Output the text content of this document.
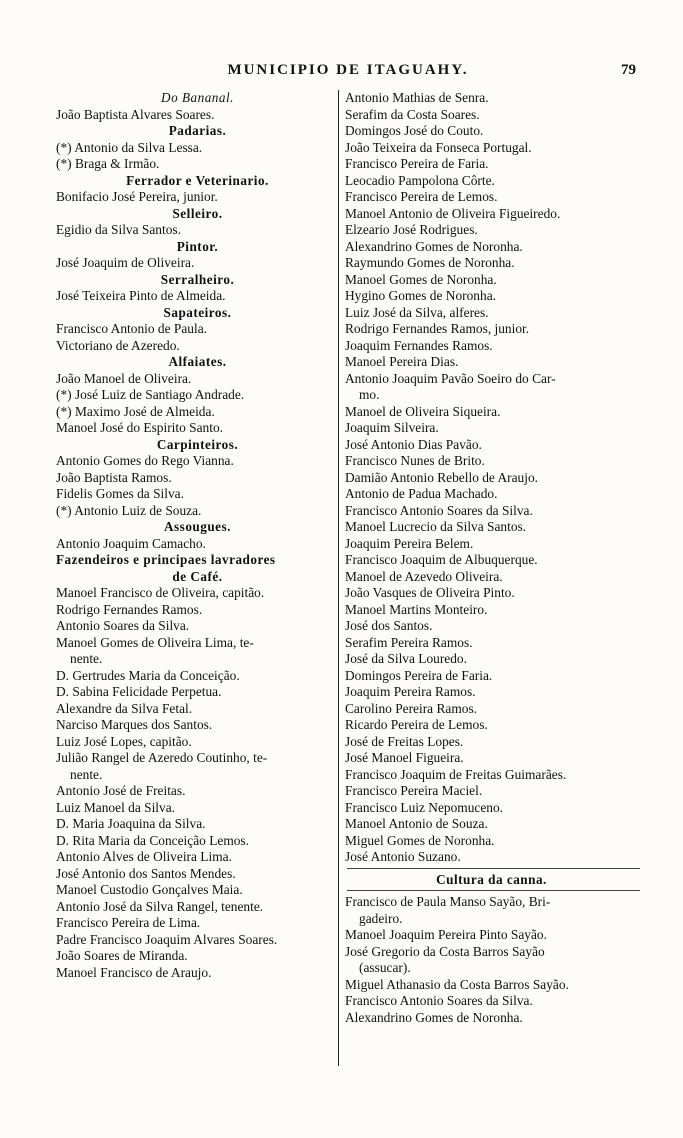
MUNICIPIO DE ITAGUAHY.	79
Do Bananal.
João Baptista Alvares Soares.
Padarias.
(*) Antonio da Silva Lessa.
(*) Braga & Irmão.
Ferrador e Veterinario.
Bonifacio José Pereira, junior.
Selleiro.
Egidio da Silva Santos.
Pintor.
José Joaquim de Oliveira.
Serralheiro.
José Teixeira Pinto de Almeida.
Sapateiros.
Francisco Antonio de Paula.
Victoriano de Azeredo.
Alfaiates.
João Manoel de Oliveira.
(*) José Luiz de Santiago Andrade.
(*) Maximo José de Almeida.
Manoel José do Espirito Santo.
Carpinteiros.
Antonio Gomes do Rego Vianna.
João Baptista Ramos.
Fidelis Gomes da Silva.
(*) Antonio Luiz de Souza.
Assougues.
Antonio Joaquim Camacho.
Fazendeiros e principaes lavradores
de Café.
Manoel Francisco de Oliveira, capitão.
Rodrigo Fernandes Ramos.
Antonio Soares da Silva.
Manoel Gomes de Oliveira Lima, te-
nente.
D. Gertrudes Maria da Conceição.
D. Sabina Felicidade Perpetua.
Alexandre da Silva Fetal.
Narciso Marques dos Santos.
Luiz José Lopes, capitão.
Julião Rangel de Azeredo Coutinho, te-
nente.
Antonio José de Freitas.
Luiz Manoel da Silva.
D. Maria Joaquina da Silva.
D. Rita Maria da Conceição Lemos.
Antonio Alves de Oliveira Lima.
José Antonio dos Santos Mendes.
Manoel Custodio Gonçalves Maia.
Antonio José da Silva Rangel, tenente.
Francisco Pereira de Lima.
Padre Francisco Joaquim Alvares Soares.
João Soares de Miranda.
Manoel Francisco de Araujo.
Antonio Mathias de Senra.
Serafim da Costa Soares.
Domingos José do Couto.
João Teixeira da Fonseca Portugal.
Francisco Pereira de Faria.
Leocadio Pampolona Côrte.
Francisco Pereira de Lemos.
Manoel Antonio de Oliveira Figueiredo.
Elzeario José Rodrigues.
Alexandrino Gomes de Noronha.
Raymundo Gomes de Noronha.
Manoel Gomes de Noronha.
Hygino Gomes de Noronha.
Luiz José da Silva, alferes.
Rodrigo Fernandes Ramos, junior.
Joaquim Fernandes Ramos.
Manoel Pereira Dias.
Antonio Joaquim Pavão Soeiro do Car-
mo.
Manoel de Oliveira Siqueira.
Joaquim Silveira.
José Antonio Dias Pavão.
Francisco Nunes de Brito.
Damião Antonio Rebello de Araujo.
Antonio de Padua Machado.
Francisco Antonio Soares da Silva.
Manoel Lucrecio da Silva Santos.
Joaquim Pereira Belem.
Francisco Joaquim de Albuquerque.
Manoel de Azevedo Oliveira.
João Vasques de Oliveira Pinto.
Manoel Martins Monteiro.
José dos Santos.
Serafim Pereira Ramos.
José da Silva Louredo.
Domingos Pereira de Faria.
Joaquim Pereira Ramos.
Carolino Pereira Ramos.
Ricardo Pereira de Lemos.
José de Freitas Lopes.
José Manoel Figueira.
Francisco Joaquim de Freitas Guimarães.
Francisco Pereira Maciel.
Francisco Luiz Nepomuceno.
Manoel Antonio de Souza.
Miguel Gomes de Noronha.
José Antonio Suzano.
Cultura da canna.
Francisco de Paula Manso Sayão, Bri-
gadeiro.
Manoel Joaquim Pereira Pinto Sayão.
José Gregorio da Costa Barros Sayão
(assucar).
Miguel Athanasio da Costa Barros Sayão.
Francisco Antonio Soares da Silva.
Alexandrino Gomes de Noronha.
